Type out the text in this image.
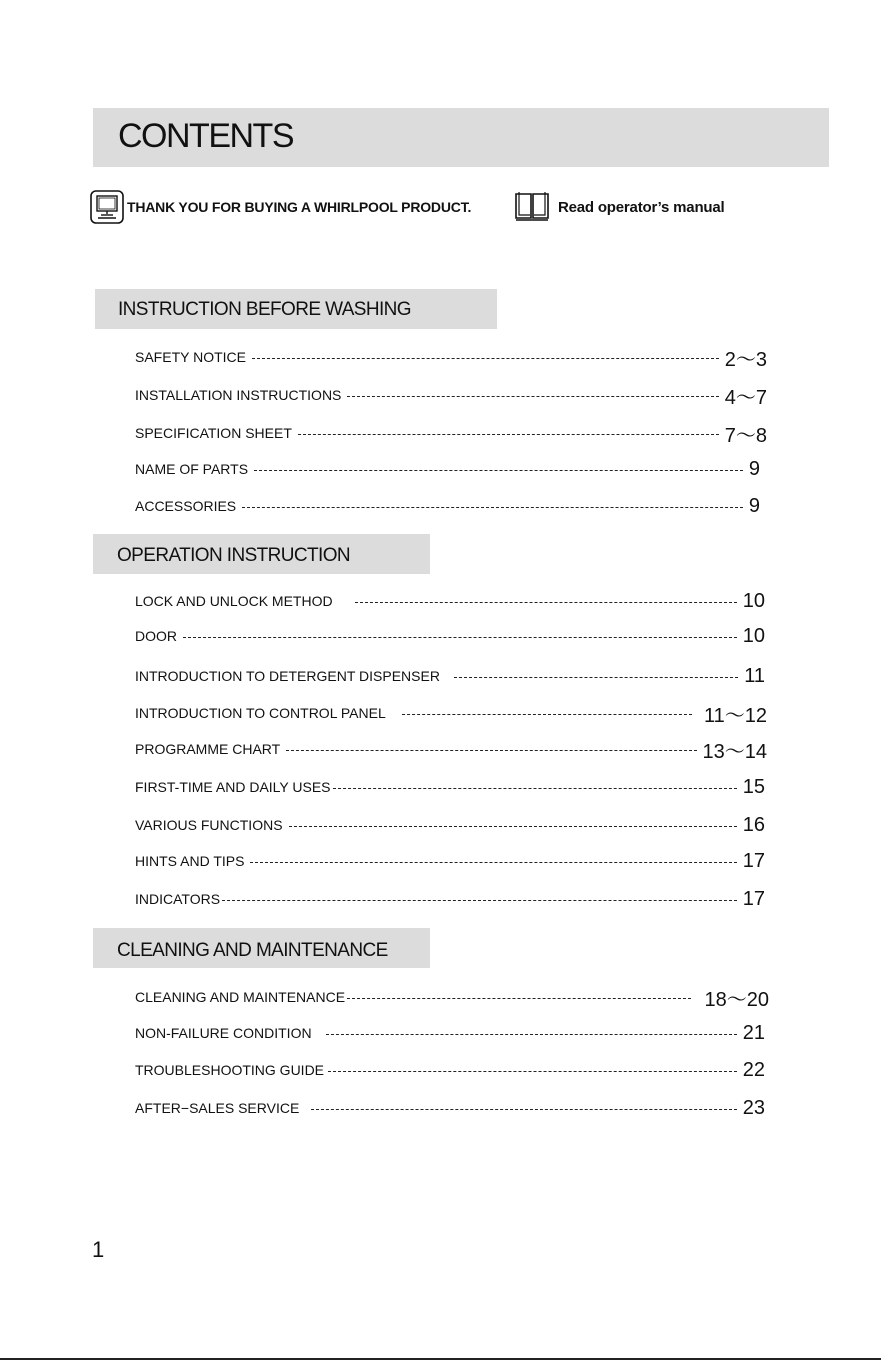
CONTENTS
THANK YOU FOR BUYING A WHIRLPOOL PRODUCT.	Read operator’s manual
INSTRUCTION BEFORE WASHING
SAFETY NOTICE	2～3
INSTALLATION INSTRUCTIONS	4～7
SPECIFICATION SHEET	7～8
NAME OF PARTS	9
ACCESSORIES	9
OPERATION INSTRUCTION
LOCK AND UNLOCK METHOD	10
DOOR	10
INTRODUCTION TO DETERGENT DISPENSER	11
INTRODUCTION TO CONTROL PANEL	11～12
PROGRAMME CHART	13～14
FIRST-TIME AND DAILY USES	15
VARIOUS FUNCTIONS	16
HINTS AND TIPS	17
INDICATORS	17
CLEANING AND MAINTENANCE
CLEANING AND MAINTENANCE	18～20
NON-FAILURE CONDITION	21
TROUBLESHOOTING GUIDE	22
AFTER−SALES SERVICE	23
1
